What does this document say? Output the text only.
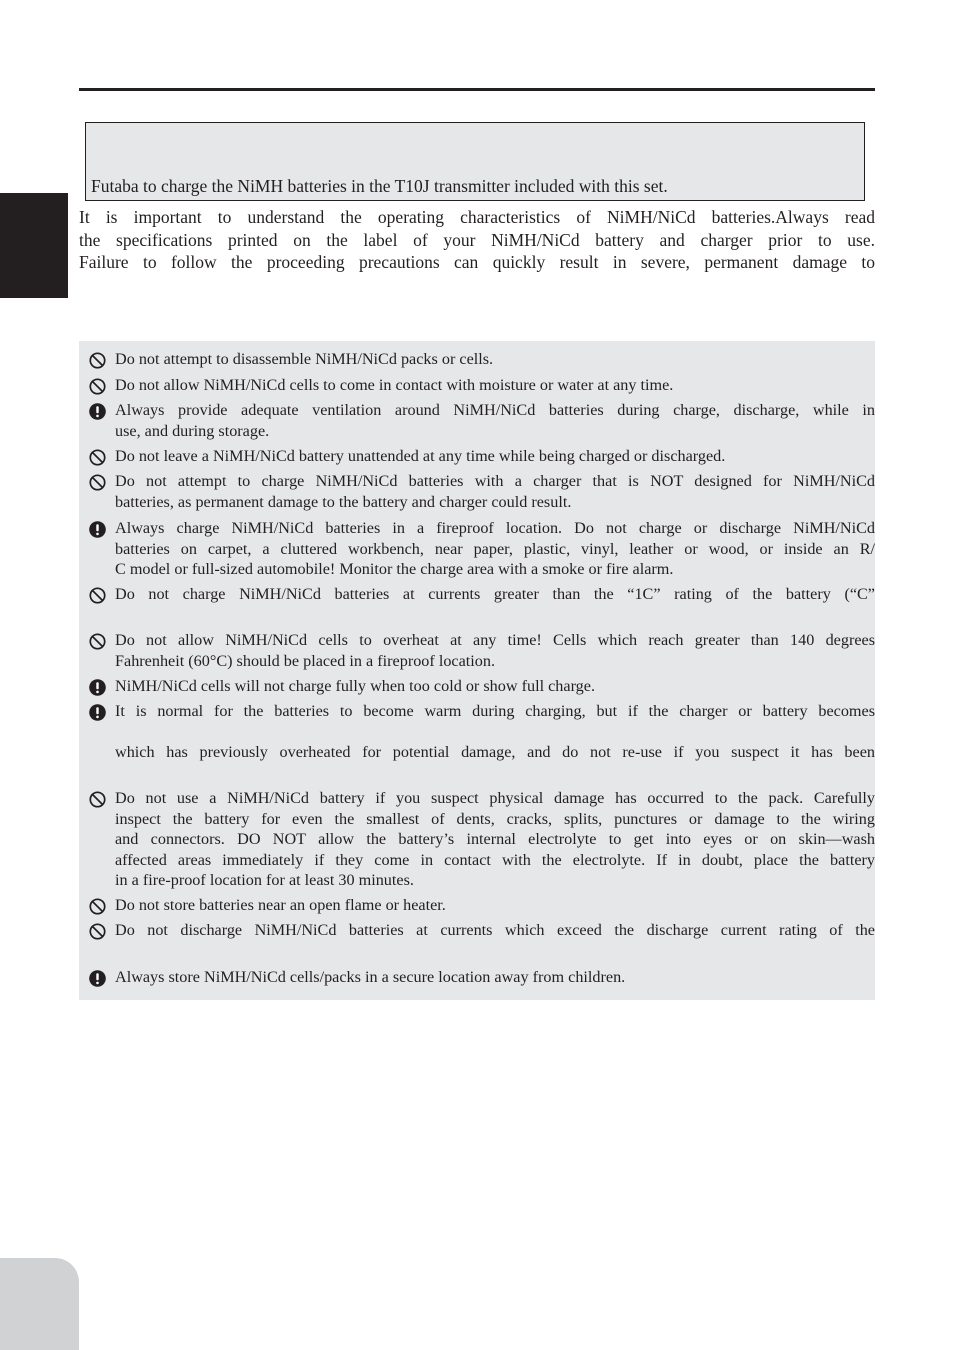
Futaba to charge the NiMH batteries in the T10J transmitter included with this set.
It is important to understand the operating characteristics of NiMH/NiCd batteries.Always read
the specifications printed on the label of your NiMH/NiCd battery and charger prior to use.
Failure to follow the proceeding precautions can quickly result in severe, permanent damage to
Do not attempt to disassemble NiMH/NiCd packs or cells.
Do not allow NiMH/NiCd cells to come in contact with moisture or water at any time.
Always provide adequate ventilation around NiMH/NiCd batteries during charge, discharge, while in
use, and during storage.
Do not leave a NiMH/NiCd battery unattended at any time while being charged or discharged.
Do not attempt to charge NiMH/NiCd batteries with a charger that is NOT designed for NiMH/NiCd
batteries, as permanent damage to the battery and charger could result.
Always charge NiMH/NiCd batteries in a fireproof location. Do not charge or discharge NiMH/NiCd
batteries on carpet, a cluttered workbench, near paper, plastic, vinyl, leather or wood, or inside an R/
C model or full-sized automobile! Monitor the charge area with a smoke or fire alarm.
Do not charge NiMH/NiCd batteries at currents greater than the “1C” rating of the battery (“C”
Do not allow NiMH/NiCd cells to overheat at any time! Cells which reach greater than 140 degrees
Fahrenheit (60°C) should be placed in a fireproof location.
NiMH/NiCd cells will not charge fully when too cold or show full charge.
It is normal for the batteries to become warm during charging, but if the charger or battery becomes
which has previously overheated for potential damage, and do not re-use if you suspect it has been
Do not use a NiMH/NiCd battery if you suspect physical damage has occurred to the pack. Carefully
inspect the battery for even the smallest of dents, cracks, splits, punctures or damage to the wiring
and connectors. DO NOT allow the battery’s internal electrolyte to get into eyes or on skin—wash
affected areas immediately if they come in contact with the electrolyte. If in doubt, place the battery
in a fire-proof location for at least 30 minutes.
Do not store batteries near an open flame or heater.
Do not discharge NiMH/NiCd batteries at currents which exceed the discharge current rating of the
Always store NiMH/NiCd cells/packs in a secure location away from children.
